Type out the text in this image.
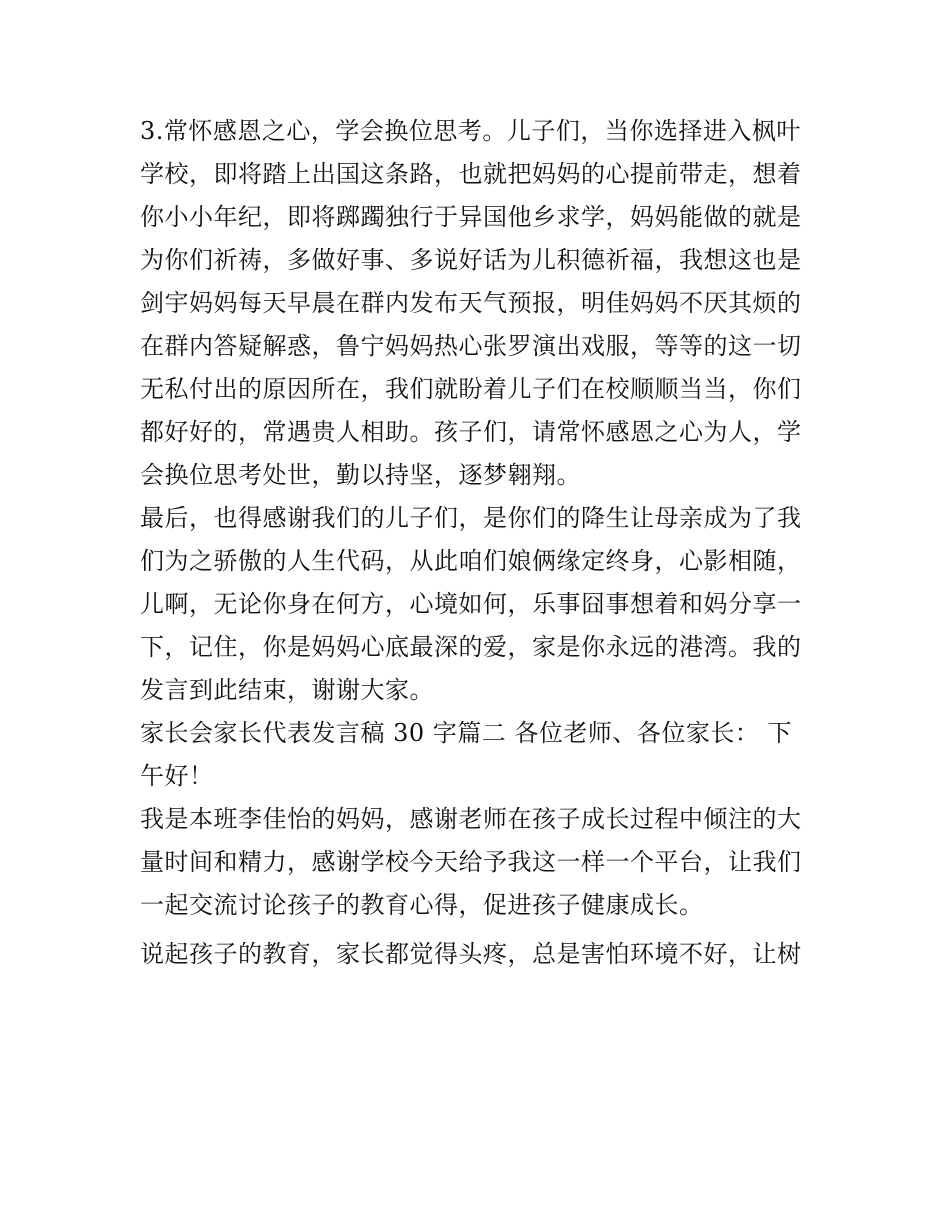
3.常怀感恩之心，学会换位思考。儿子们，当你选择进入枫叶学校，即将踏上出国这条路，也就把妈妈的心提前带走，想着你小小年纪，即将踯躅独行于异国他乡求学，妈妈能做的就是为你们祈祷，多做好事、多说好话为儿积德祈福，我想这也是剑宇妈妈每天早晨在群内发布天气预报，明佳妈妈不厌其烦的在群内答疑解惑，鲁宁妈妈热心张罗演出戏服，等等的这一切无私付出的原因所在，我们就盼着儿子们在校顺顺当当，你们都好好的，常遇贵人相助。孩子们，请常怀感恩之心为人，学会换位思考处世，勤以持坚，逐梦翱翔。

最后，也得感谢我们的儿子们，是你们的降生让母亲成为了我们为之骄傲的人生代码，从此咱们娘俩缘定终身，心影相随，儿啊，无论你身在何方，心境如何，乐事囧事想着和妈分享一下，记住，你是妈妈心底最深的爱，家是你永远的港湾。我的发言到此结束，谢谢大家。

家长会家长代表发言稿 30 字篇二 各位老师、各位家长： 下午好！

我是本班李佳怡的妈妈，感谢老师在孩子成长过程中倾注的大量时间和精力，感谢学校今天给予我这一样一个平台，让我们一起交流讨论孩子的教育心得，促进孩子健康成长。

说起孩子的教育，家长都觉得头疼，总是害怕环境不好，让树
